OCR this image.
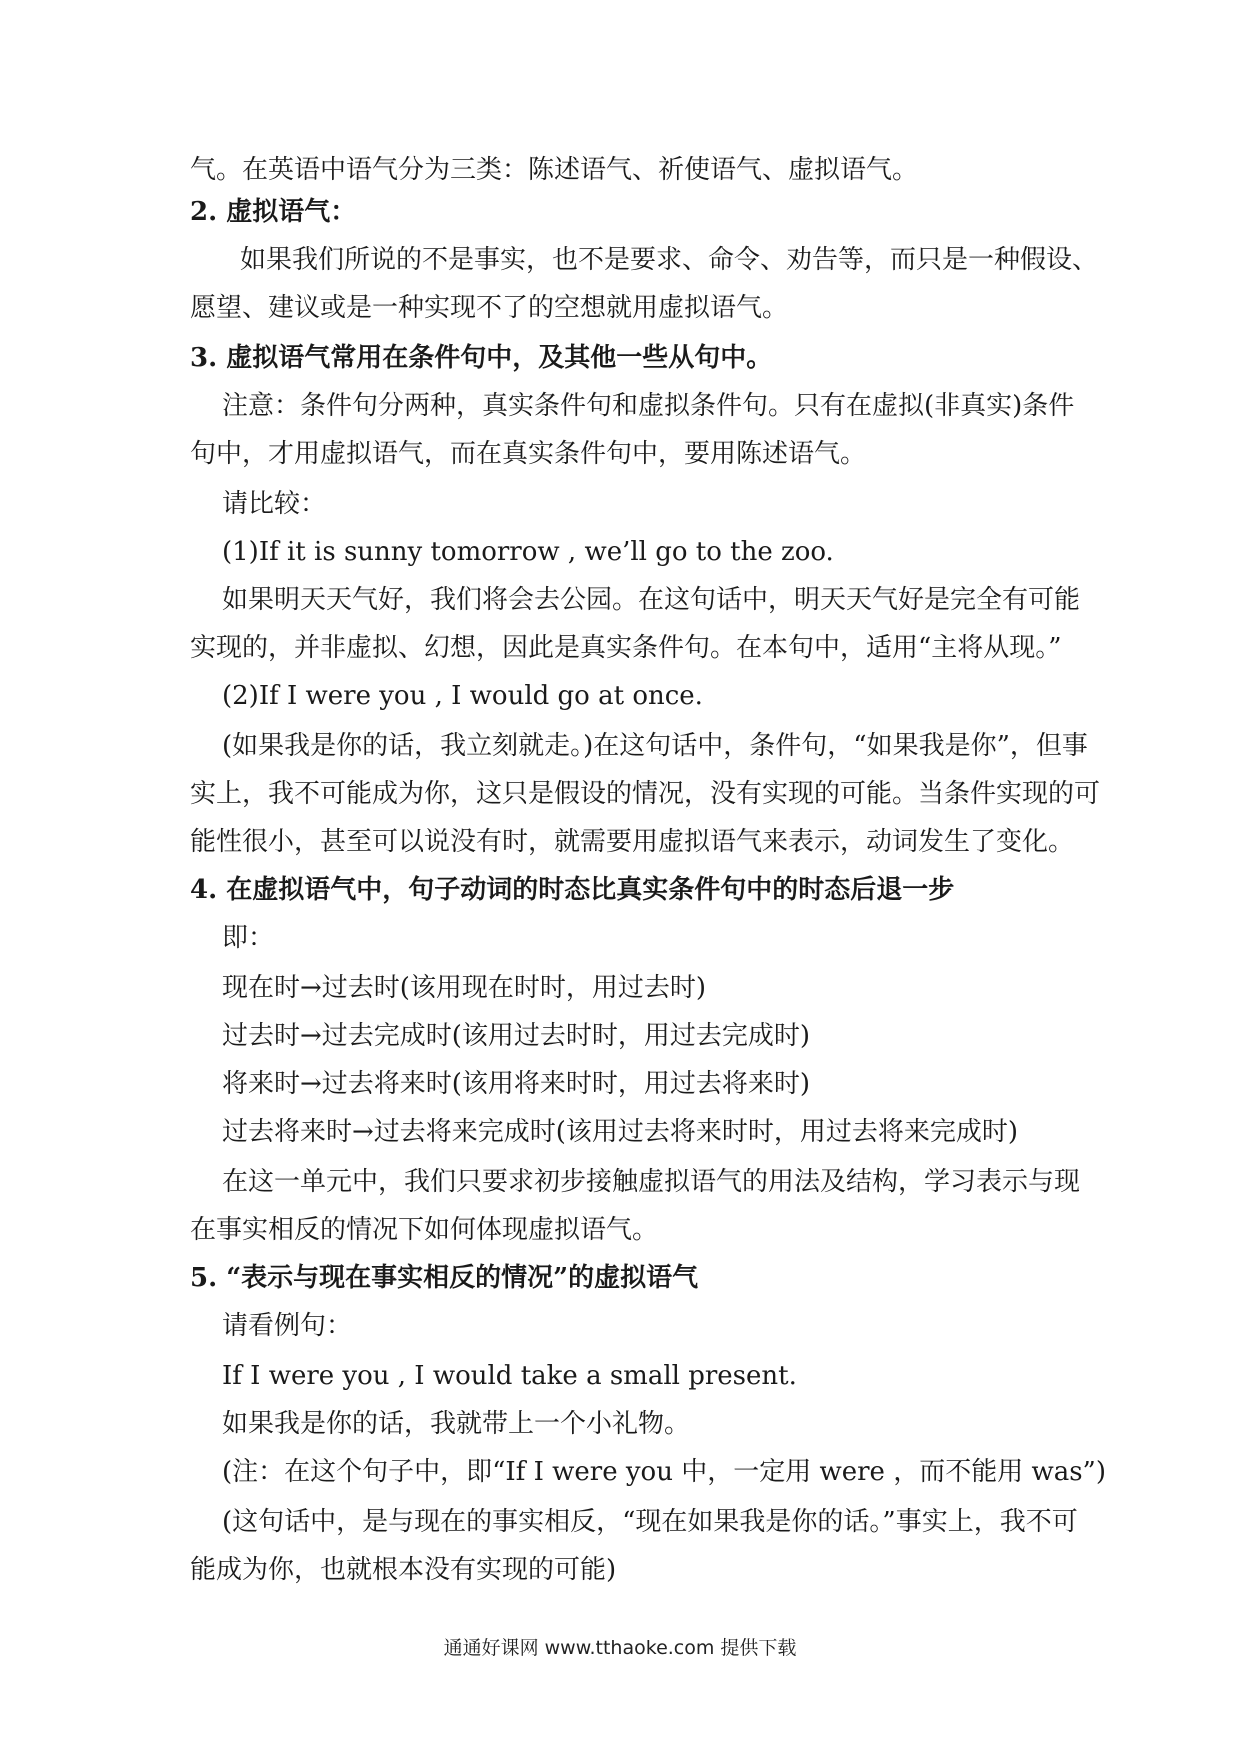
气。在英语中语气分为三类：陈述语气、祈使语气、虚拟语气。
2. 虚拟语气：
如果我们所说的不是事实，也不是要求、命令、劝告等，而只是一种假设、
愿望、建议或是一种实现不了的空想就用虚拟语气。
3. 虚拟语气常用在条件句中，及其他一些从句中。
注意：条件句分两种，真实条件句和虚拟条件句。只有在虚拟(非真实)条件
句中，才用虚拟语气，而在真实条件句中，要用陈述语气。
请比较：
(1)If it is sunny tomorrow , we’ll go to the zoo.
如果明天天气好，我们将会去公园。在这句话中，明天天气好是完全有可能
实现的，并非虚拟、幻想，因此是真实条件句。在本句中，适用“主将从现。”
(2)If I were you , I would go at once.
(如果我是你的话，我立刻就走。)在这句话中，条件句，“如果我是你”，但事
实上，我不可能成为你，这只是假设的情况，没有实现的可能。当条件实现的可
能性很小，甚至可以说没有时，就需要用虚拟语气来表示，动词发生了变化。
4. 在虚拟语气中，句子动词的时态比真实条件句中的时态后退一步
即：
现在时→过去时(该用现在时时，用过去时)
过去时→过去完成时(该用过去时时，用过去完成时)
将来时→过去将来时(该用将来时时，用过去将来时)
过去将来时→过去将来完成时(该用过去将来时时，用过去将来完成时)
在这一单元中，我们只要求初步接触虚拟语气的用法及结构，学习表示与现
在事实相反的情况下如何体现虚拟语气。
5. “表示与现在事实相反的情况”的虚拟语气
请看例句：
If I were you , I would take a small present.
如果我是你的话，我就带上一个小礼物。
(注：在这个句子中，即“If I were you 中，一定用 were ，而不能用 was”)
(这句话中，是与现在的事实相反，“现在如果我是你的话。”事实上，我不可
能成为你，也就根本没有实现的可能)
通通好课网 www.tthaoke.com 提供下载
